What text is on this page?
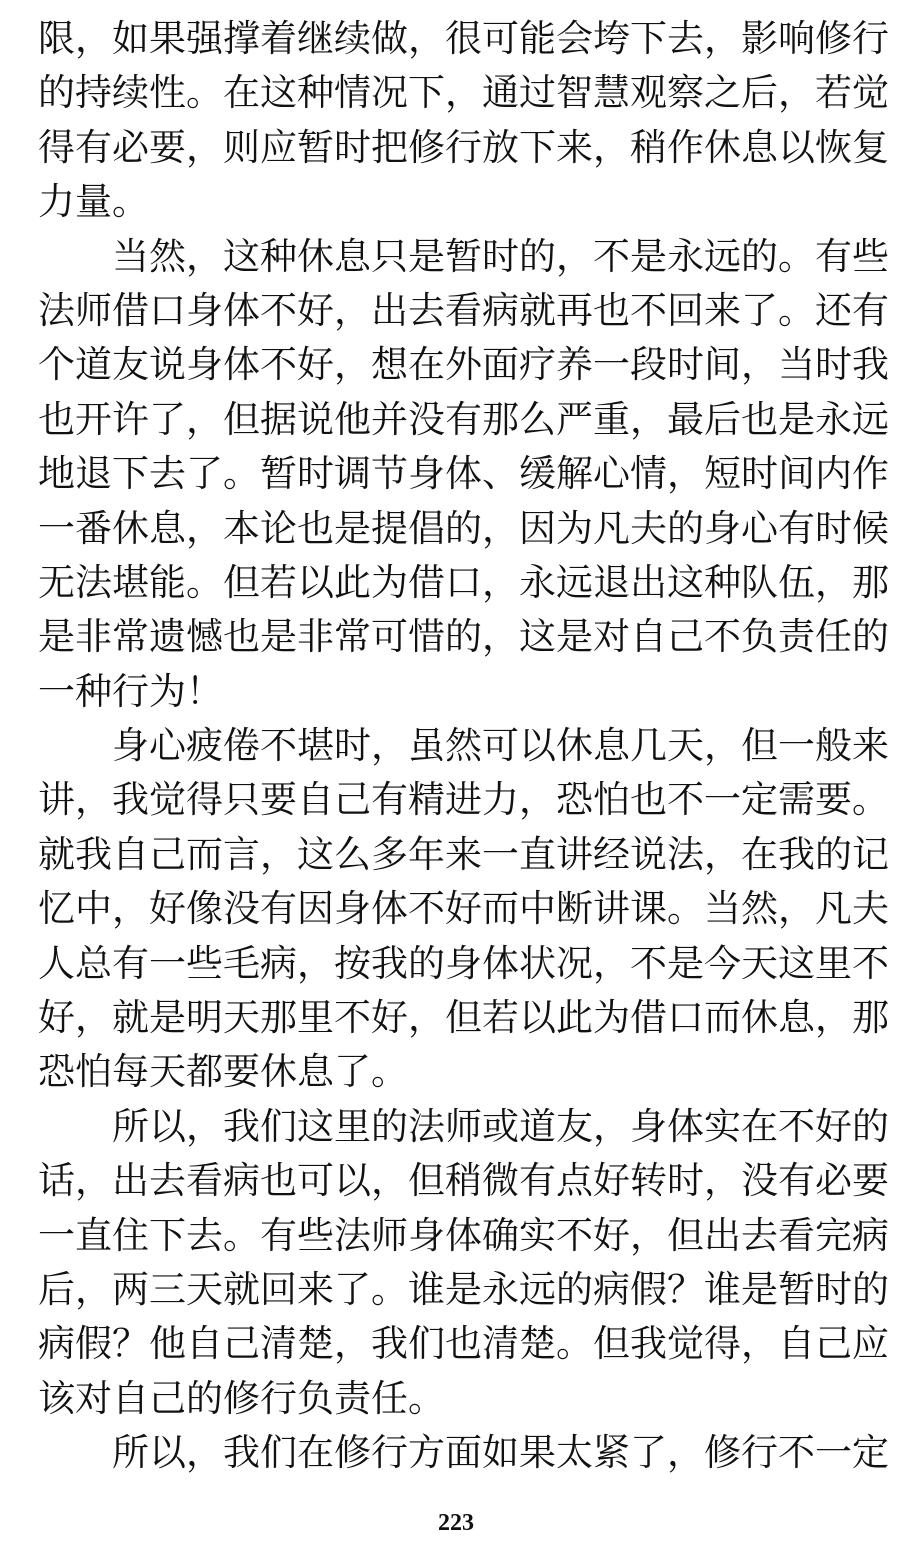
限，如果强撑着继续做，很可能会垮下去，影响修行
的持续性。在这种情况下，通过智慧观察之后，若觉
得有必要，则应暂时把修行放下来，稍作休息以恢复
力量。
当然，这种休息只是暂时的，不是永远的。有些
法师借口身体不好，出去看病就再也不回来了。还有
个道友说身体不好，想在外面疗养一段时间，当时我
也开许了，但据说他并没有那么严重，最后也是永远
地退下去了。暂时调节身体、缓解心情，短时间内作
一番休息，本论也是提倡的，因为凡夫的身心有时候
无法堪能。但若以此为借口，永远退出这种队伍，那
是非常遗憾也是非常可惜的，这是对自己不负责任的
一种行为！
身心疲倦不堪时，虽然可以休息几天，但一般来
讲，我觉得只要自己有精进力，恐怕也不一定需要。
就我自己而言，这么多年来一直讲经说法，在我的记
忆中，好像没有因身体不好而中断讲课。当然，凡夫
人总有一些毛病，按我的身体状况，不是今天这里不
好，就是明天那里不好，但若以此为借口而休息，那
恐怕每天都要休息了。
所以，我们这里的法师或道友，身体实在不好的
话，出去看病也可以，但稍微有点好转时，没有必要
一直住下去。有些法师身体确实不好，但出去看完病
后，两三天就回来了。谁是永远的病假？谁是暂时的
病假？他自己清楚，我们也清楚。但我觉得，自己应
该对自己的修行负责任。
所以，我们在修行方面如果太紧了，修行不一定
223
